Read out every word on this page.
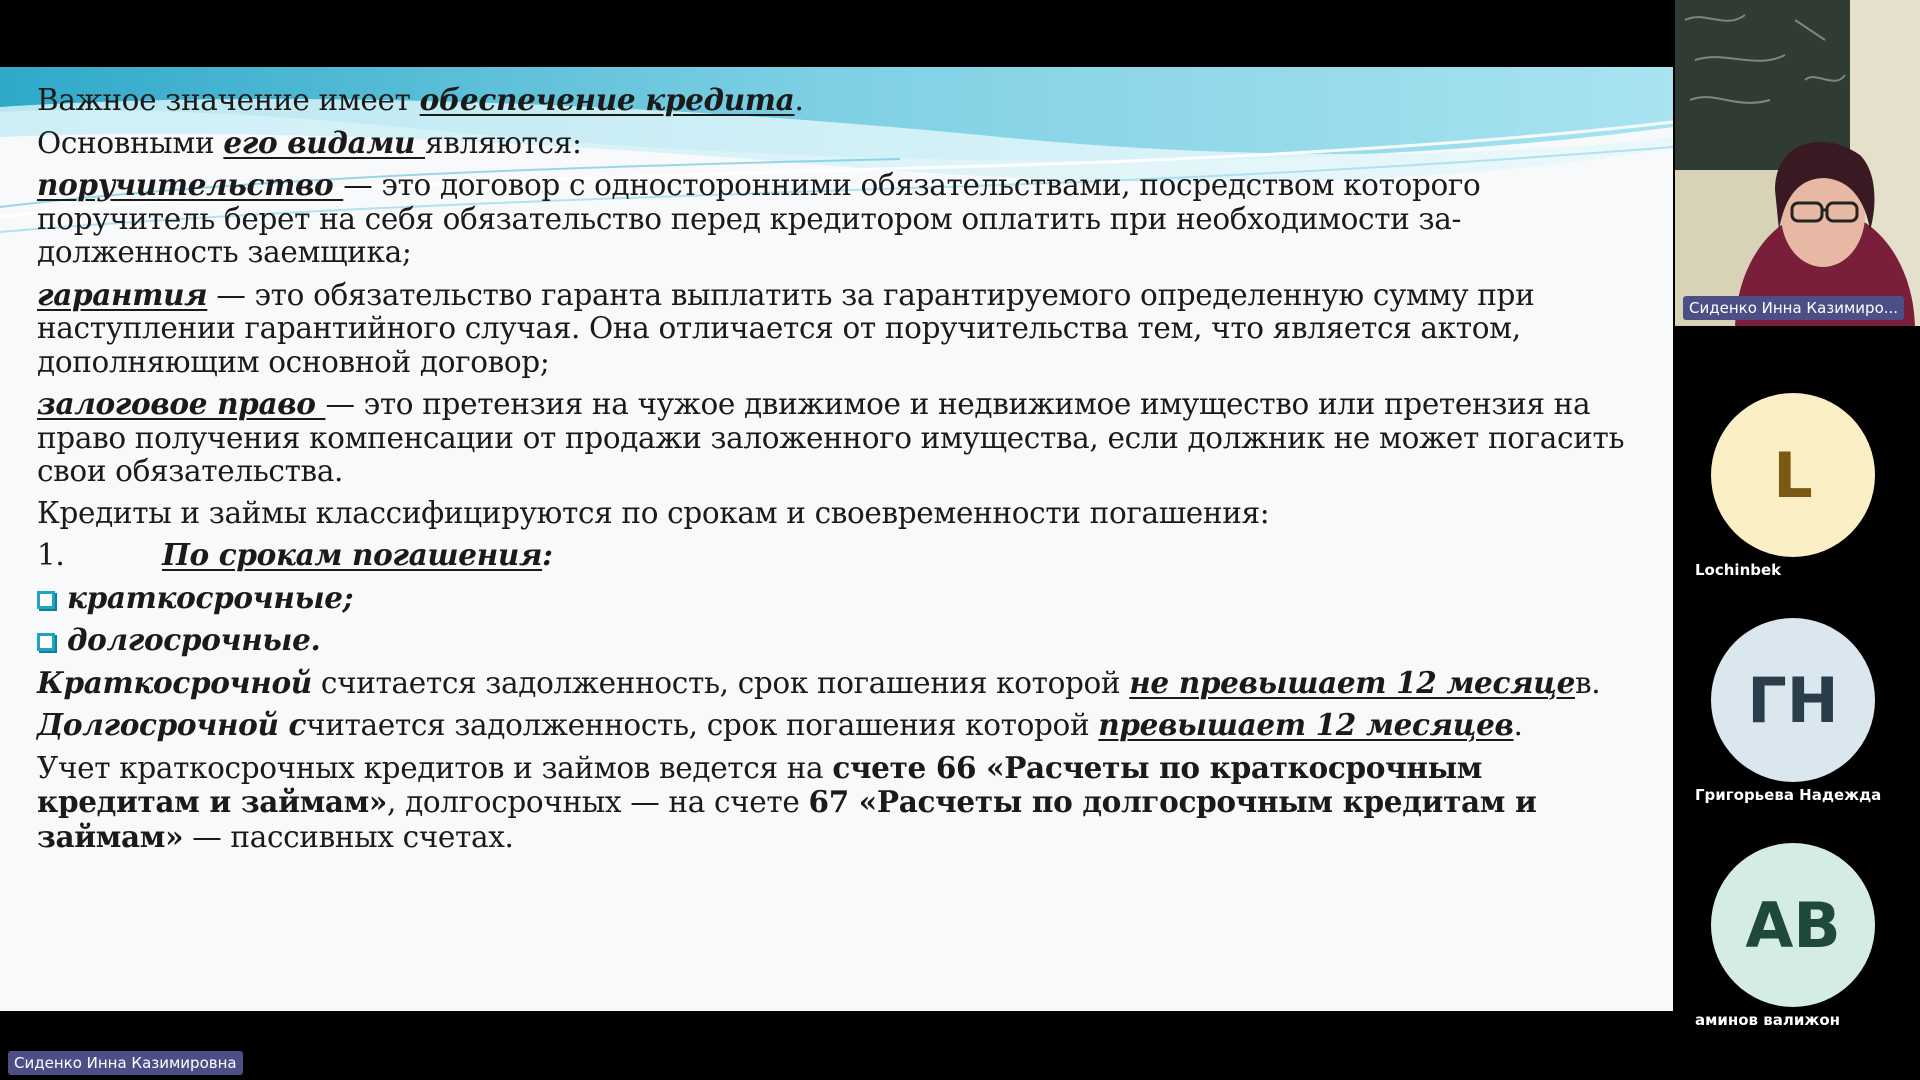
Важное значение имеет обеспечение кредита.
Основными его видами являются:
поручительство — это договор с односторонними обязательствами, посредством которого поручитель берет на себя обязательство перед кредитором оплатить при необходимости за-долженность заемщика;
гарантия — это обязательство гаранта выплатить за гарантируемого определенную сумму при наступлении гарантийного случая. Она отличается от поручительства тем, что является актом, дополняющим основной договор;
залоговое право — это претензия на чужое движимое и недвижимое имущество или претензия на право получения компенсации от продажи заложенного имущества, если должник не может погасить свои обязательства.
Кредиты и займы классифицируются по срокам и своевременности погашения:
1.	По срокам погашения:
краткосрочные;
долгосрочные.
Краткосрочной считается задолженность, срок погашения которой не превышает 12 месяцев.
Долгосрочной считается задолженность, срок погашения которой превышает 12 месяцев.
Учет краткосрочных кредитов и займов ведется на счете 66 «Расчеты по краткосрочным кредитам и займам», долгосрочных — на счете 67 «Расчеты по долгосрочным кредитам и займам» — пассивных счетах.
Сиденко Инна Казимировна
Сиденко Инна Казимиро...
L
Lochinbek
ГН
Григорьева Надежда
АВ
аминов валижон
